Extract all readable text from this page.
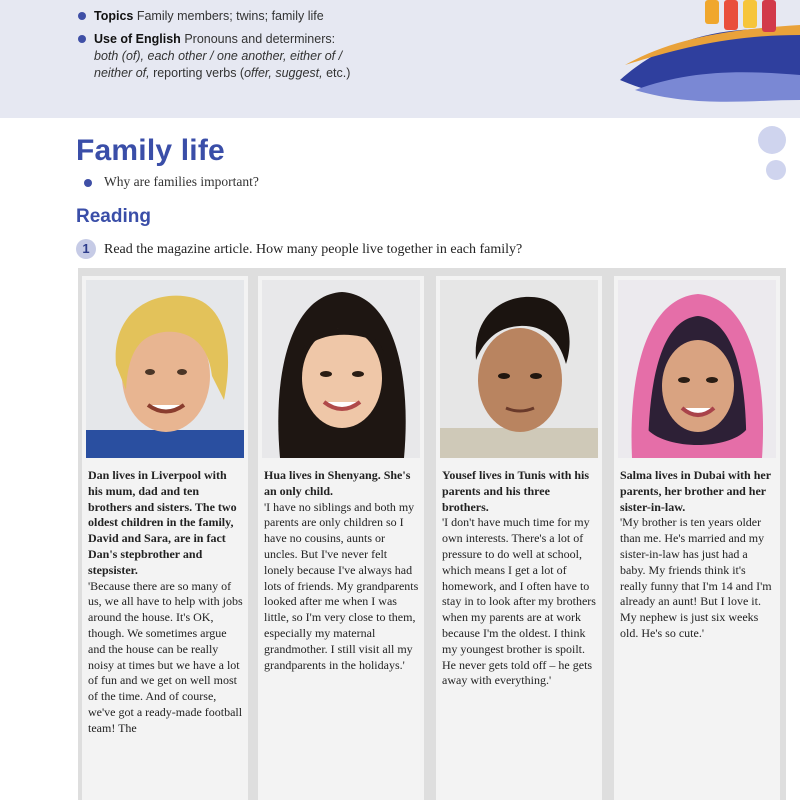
Topics Family members; twins; family life
Use of English Pronouns and determiners:
both (of), each other / one another, either of /
neither of, reporting verbs (offer, suggest, etc.)
Family life
Why are families important?
Reading
1 Read the magazine article. How many people live together in each family?
Dan lives in Liverpool with his mum, dad and ten brothers and sisters. The two oldest children in the family, David and Sara, are in fact Dan's stepbrother and stepsister.
'Because there are so many of us, we all have to help with jobs around the house. It's OK, though. We sometimes argue and the house can be really noisy at times but we have a lot of fun and we get on well most of the time. And of course, we've got a ready-made football team! The
Hua lives in Shenyang. She's an only child.
'I have no siblings and both my parents are only children so I have no cousins, aunts or uncles. But I've never felt lonely because I've always had lots of friends. My grandparents looked after me when I was little, so I'm very close to them, especially my maternal grandmother. I still visit all my grandparents in the holidays.'
Yousef lives in Tunis with his parents and his three brothers.
'I don't have much time for my own interests. There's a lot of pressure to do well at school, which means I get a lot of homework, and I often have to stay in to look after my brothers when my parents are at work because I'm the oldest. I think my youngest brother is spoilt. He never gets told off – he gets away with everything.'
Salma lives in Dubai with her parents, her brother and her sister-in-law.
'My brother is ten years older than me. He's married and my sister-in-law has just had a baby. My friends think it's really funny that I'm 14 and I'm already an aunt! But I love it. My nephew is just six weeks old. He's so cute.'
